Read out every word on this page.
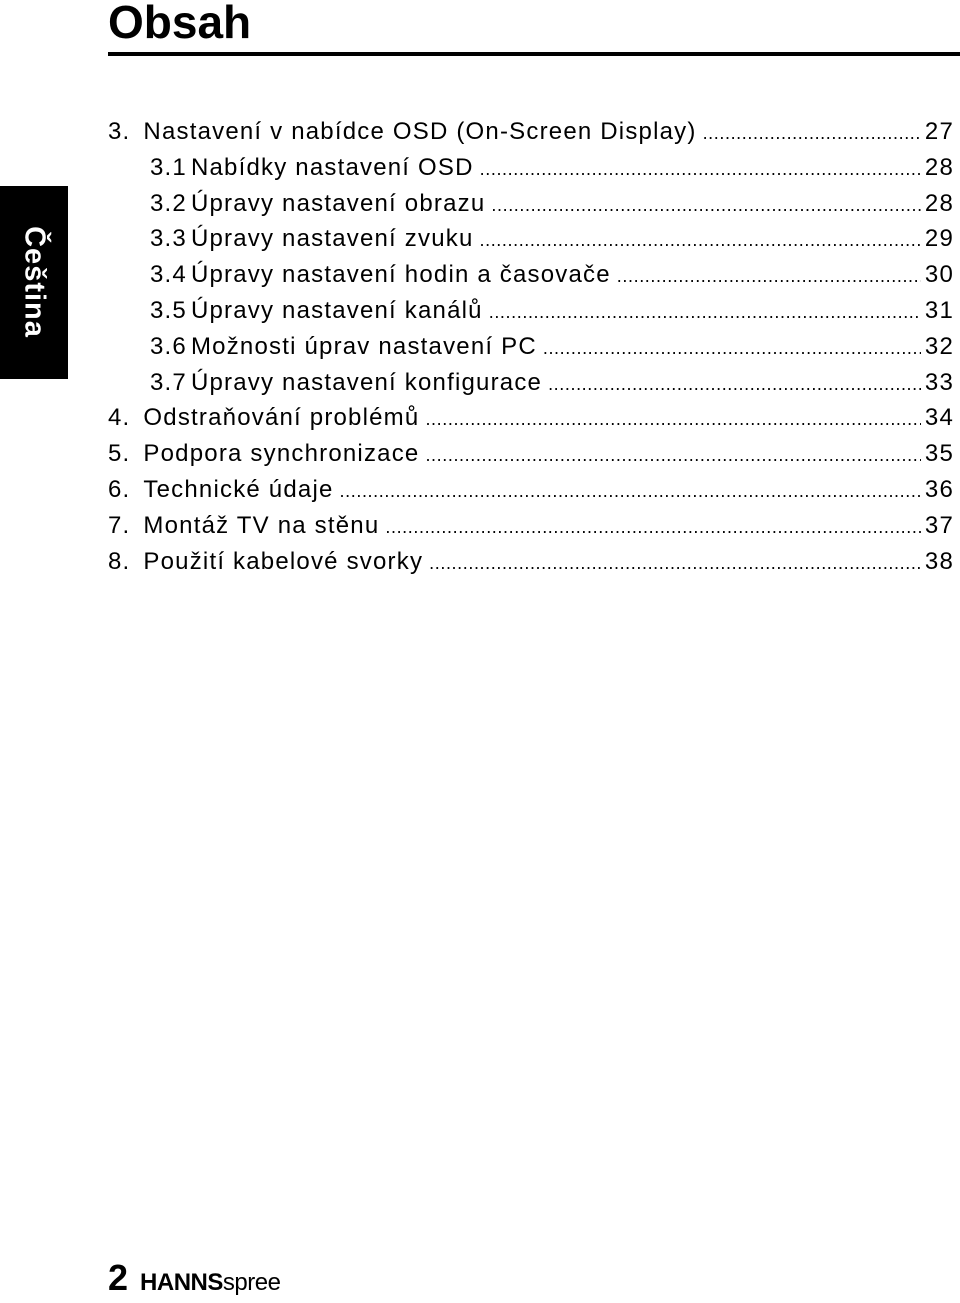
Obsah
Čeština
3. Nastavení v nabídce OSD (On-Screen Display) .....	27
3.1 Nabídky nastavení OSD .....	28
3.2 Úpravy nastavení obrazu .....	28
3.3 Úpravy nastavení zvuku .....	29
3.4 Úpravy nastavení hodin a časovače .....	30
3.5 Úpravy nastavení kanálů .....	31
3.6 Možnosti úprav nastavení PC .....	32
3.7 Úpravy nastavení konfigurace .....	33
4. Odstraňování problémů .....	34
5. Podpora synchronizace .....	35
6. Technické údaje .....	36
7. Montáž TV na stěnu .....	37
8. Použití kabelové svorky .....	38
2 HANNS spree
